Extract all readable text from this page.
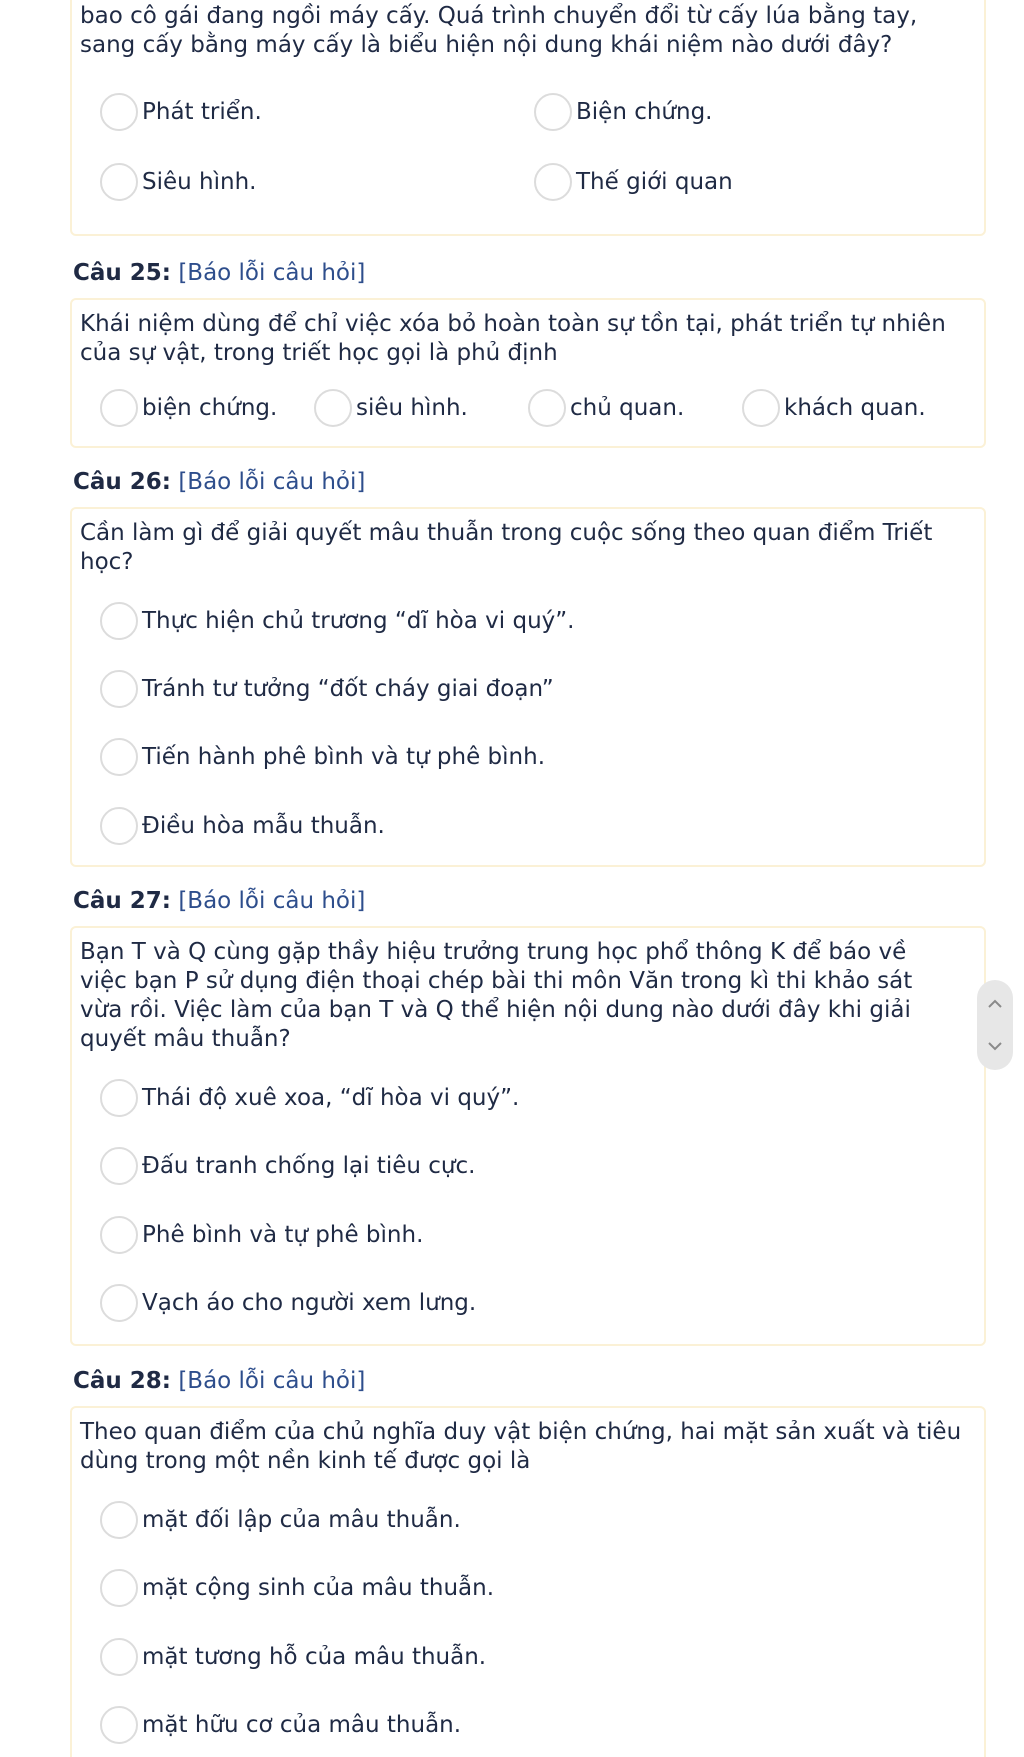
bao cô gái đang ngồi máy cấy. Quá trình chuyển đổi từ cấy lúa bằng tay, sang cấy bằng máy cấy là biểu hiện nội dung khái niệm nào dưới đây?
Phát triển.	Biện chứng.
Siêu hình.	Thế giới quan
Câu 25: [Báo lỗi câu hỏi]
Khái niệm dùng để chỉ việc xóa bỏ hoàn toàn sự tồn tại, phát triển tự nhiên của sự vật, trong triết học gọi là phủ định
biện chứng.	siêu hình.	chủ quan.	khách quan.
Câu 26: [Báo lỗi câu hỏi]
Cần làm gì để giải quyết mâu thuẫn trong cuộc sống theo quan điểm Triết học?
Thực hiện chủ trương “dĩ hòa vi quý”.
Tránh tư tưởng “đốt cháy giai đoạn”
Tiến hành phê bình và tự phê bình.
Điều hòa mẫu thuẫn.
Câu 27: [Báo lỗi câu hỏi]
Bạn T và Q cùng gặp thầy hiệu trưởng trung học phổ thông K để báo về việc bạn P sử dụng điện thoại chép bài thi môn Văn trong kì thi khảo sát vừa rồi. Việc làm của bạn T và Q thể hiện nội dung nào dưới đây khi giải quyết mâu thuẫn?
Thái độ xuê xoa, “dĩ hòa vi quý”.
Đấu tranh chống lại tiêu cực.
Phê bình và tự phê bình.
Vạch áo cho người xem lưng.
Câu 28: [Báo lỗi câu hỏi]
Theo quan điểm của chủ nghĩa duy vật biện chứng, hai mặt sản xuất và tiêu dùng trong một nền kinh tế được gọi là
mặt đối lập của mâu thuẫn.
mặt cộng sinh của mâu thuẫn.
mặt tương hỗ của mâu thuẫn.
mặt hữu cơ của mâu thuẫn.
